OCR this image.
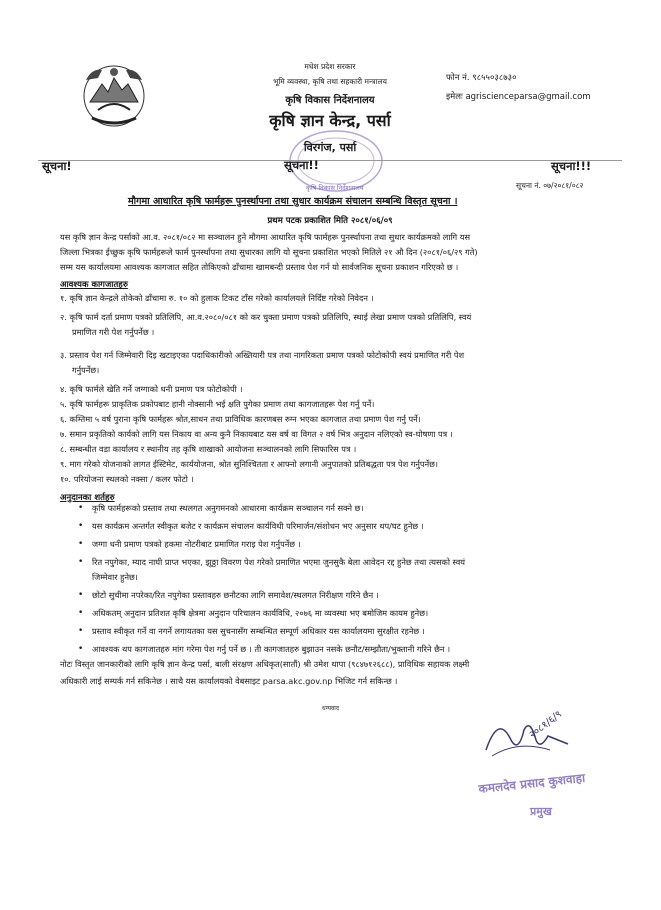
मधेश प्रदेश सरकार
भूमि व्यवस्था, कृषि तथा सहकारी मन्त्रालय
कृषि विकास निर्देशनालय
कृषि ज्ञान केन्द्र, पर्सा
विरगंज, पर्सा
फोन नं. ९८५५०३८७३०
इमेलः agriscienceparsa@gmail.com
कृषि विकास निर्देशनालय
सूचना!	सूचना!!	सूचना!!!
सूचना नं. ०७/२०८१/०८२
मौगमा आधारित कृषि फार्महरू पुनर्स्थापना तथा सुधार कार्यक्रम संचालन सम्बन्धि विस्तृत सूचना ।
प्रथम पटक प्रकाशित मिति २०८१/०६/०९
यस कृषि ज्ञान केन्द्र पर्साको आ.व. २०८१/०८२ मा सञ्चालन हुने मौगमा आधारित कृषि फार्महरू पुनर्स्थापना तथा सुधार कार्यक्रमको लागि यस
जिल्ला भित्रका ईच्छुक कृषि फार्महरूले फार्म पुनर्स्थापना तथा सुधारका लागि यो सूचना प्रकाशित भएको मितिले २१ औ दिन (२०८१/०६/२९ गते)
सम्म यस कार्यालयमा आवश्यक कागजात सहित तोकिएको ढाँचामा खामबन्दी प्रस्ताव पेश गर्न यो सार्वजनिक सूचना प्रकाशन गरिएको छ ।
आवश्यक कागजातहरु
१. कृषि ज्ञान केन्द्रले तोकेको ढाँचामा रु. १० को हुलाक टिकट टाँस गरेको कार्यालयले निर्दिष्ट गरेको निवेदन ।
२. कृषि फार्म दर्ता प्रमाण पत्रको प्रतिलिपि, आ.व.२०८०/०८१ को कर चुक्ता प्रमाण पत्रको प्रतिलिपि, स्थाई लेखा प्रमाण पत्रको प्रतिलिपि, स्वयं
प्रमाणित गरी पेश गर्नुपर्नेछ ।
३. प्रस्ताव पेश गर्न जिम्मेवारी दिइ खटाइएका पदाधिकारीको अख्तियारी पत्र तथा नागरिकता प्रमाण पत्रको फोटोकोपी स्वयं प्रमाणित गरी पेश
गर्नुपर्नेछ।
४. कृषि फार्मले खेति गर्ने जग्गाको धनी प्रमाण पत्र फोटोकोपी ।
५. कृषि फार्महरू प्राकृतिक प्रकोपबाट हानी नोक्सानी भई क्षति पुगेका प्रमाण तथा कागजातहरू पेश गर्नु पर्ने।
६. कम्तिमा ५ वर्ष पुराना कृषि फार्महरू श्रोत,साधन तथा प्राविधिक कारणबस रुग्न भएका कागजात तथा प्रमाण पेश गर्नु पर्ने।
७. समान प्रकृतिको कार्यको लागि यस निकाय वा अन्य कुनै निकायबाट यस वर्ष वा विगत २ वर्ष भित्र अनुदान नलिएको स्व-घोषणा पत्र ।
८. सम्बन्धीत वडा कार्यालय र स्थानीय तह कृषि शाखाको आयोजना सञ्चालनको लागि सिफारिस पत्र ।
९. माग गरेको योजनाको लागत ईस्टिमेट, कार्ययोजना, श्रोत सुनिश्चितता र आफ्नो लगानी अनुपातको प्रतिबद्धता पत्र पेश गर्नुपर्नेछ।
१०. परियोजना स्थलको नक्सा / कलर फोटो ।
अनुदानका शर्तहरु
• कृषि फार्महरूको प्रस्ताव तथा स्थलगत अनुगमनको आधारमा कार्यक्रम सञ्चालन गर्न सक्ने छ।
• यस कार्यक्रम अन्तर्गत स्वीकृत बजेट र कार्यक्रम संचालन कार्यविधी परिमार्जन/संशोधन भए अनुसार थप/घट हुनेछ ।
• जग्गा धनी प्रमाण पत्रको हकमा नोटरीबाट प्रमाणित गराइ पेश गर्नुपर्नेछ ।
• रित नपुगेका, म्याद नाघी प्राप्त भएका, झुठ्ठा विवरण पेश गरेको प्रमाणित भएमा जुनसुकै बेला आवेदन रद्द हुनेछ तथा त्यसको स्वयं
जिम्मेवार हुनेछ।
• छोटो सुचीमा नपरेका/रित नपुगेका प्रस्तावहरु छनौटका लागि समावेश/स्थलगत निरीक्षण गरिने छैन ।
• अधिकतम् अनुदान प्रतिशत कृषि क्षेत्रमा अनुदान परिचालन कार्यविधि, २०७६ मा व्यवस्था भए बमोजिम कायम हुनेछ।
• प्रस्ताव स्वीकृत गर्ने वा नगर्ने लगायतका यस सुचनासँग सम्बन्धित सम्पूर्ण अधिकार यस कार्यालयमा सुरक्षीत रहनेछ ।
• आवश्यक थप कागजातहरु मांग गरेमा पेश गर्नु पर्ने छ । ती कागजातहरु बुझाउन नसके छनौट/सम्झौता/भुक्तानी गरिने छैन ।
नोटः विस्तृत जानकारीको लागि कृषि ज्ञान केन्द्र पर्सा, बाली संरक्षण अधिकृत(सातौं) श्री उमेश थापा (९८४७१२६८८), प्राविधिक सहायक लक्ष्मी
अधिकारी लाई सम्पर्क गर्न सकिनेछ । साथै यस कार्यालयको वेबसाइट parsa.akc.gov.np भिजिट गर्न सकिन्छ ।
धन्यवाद
२०८१/६/९
कमलदेव प्रसाद कुशवाहा
प्रमुख
